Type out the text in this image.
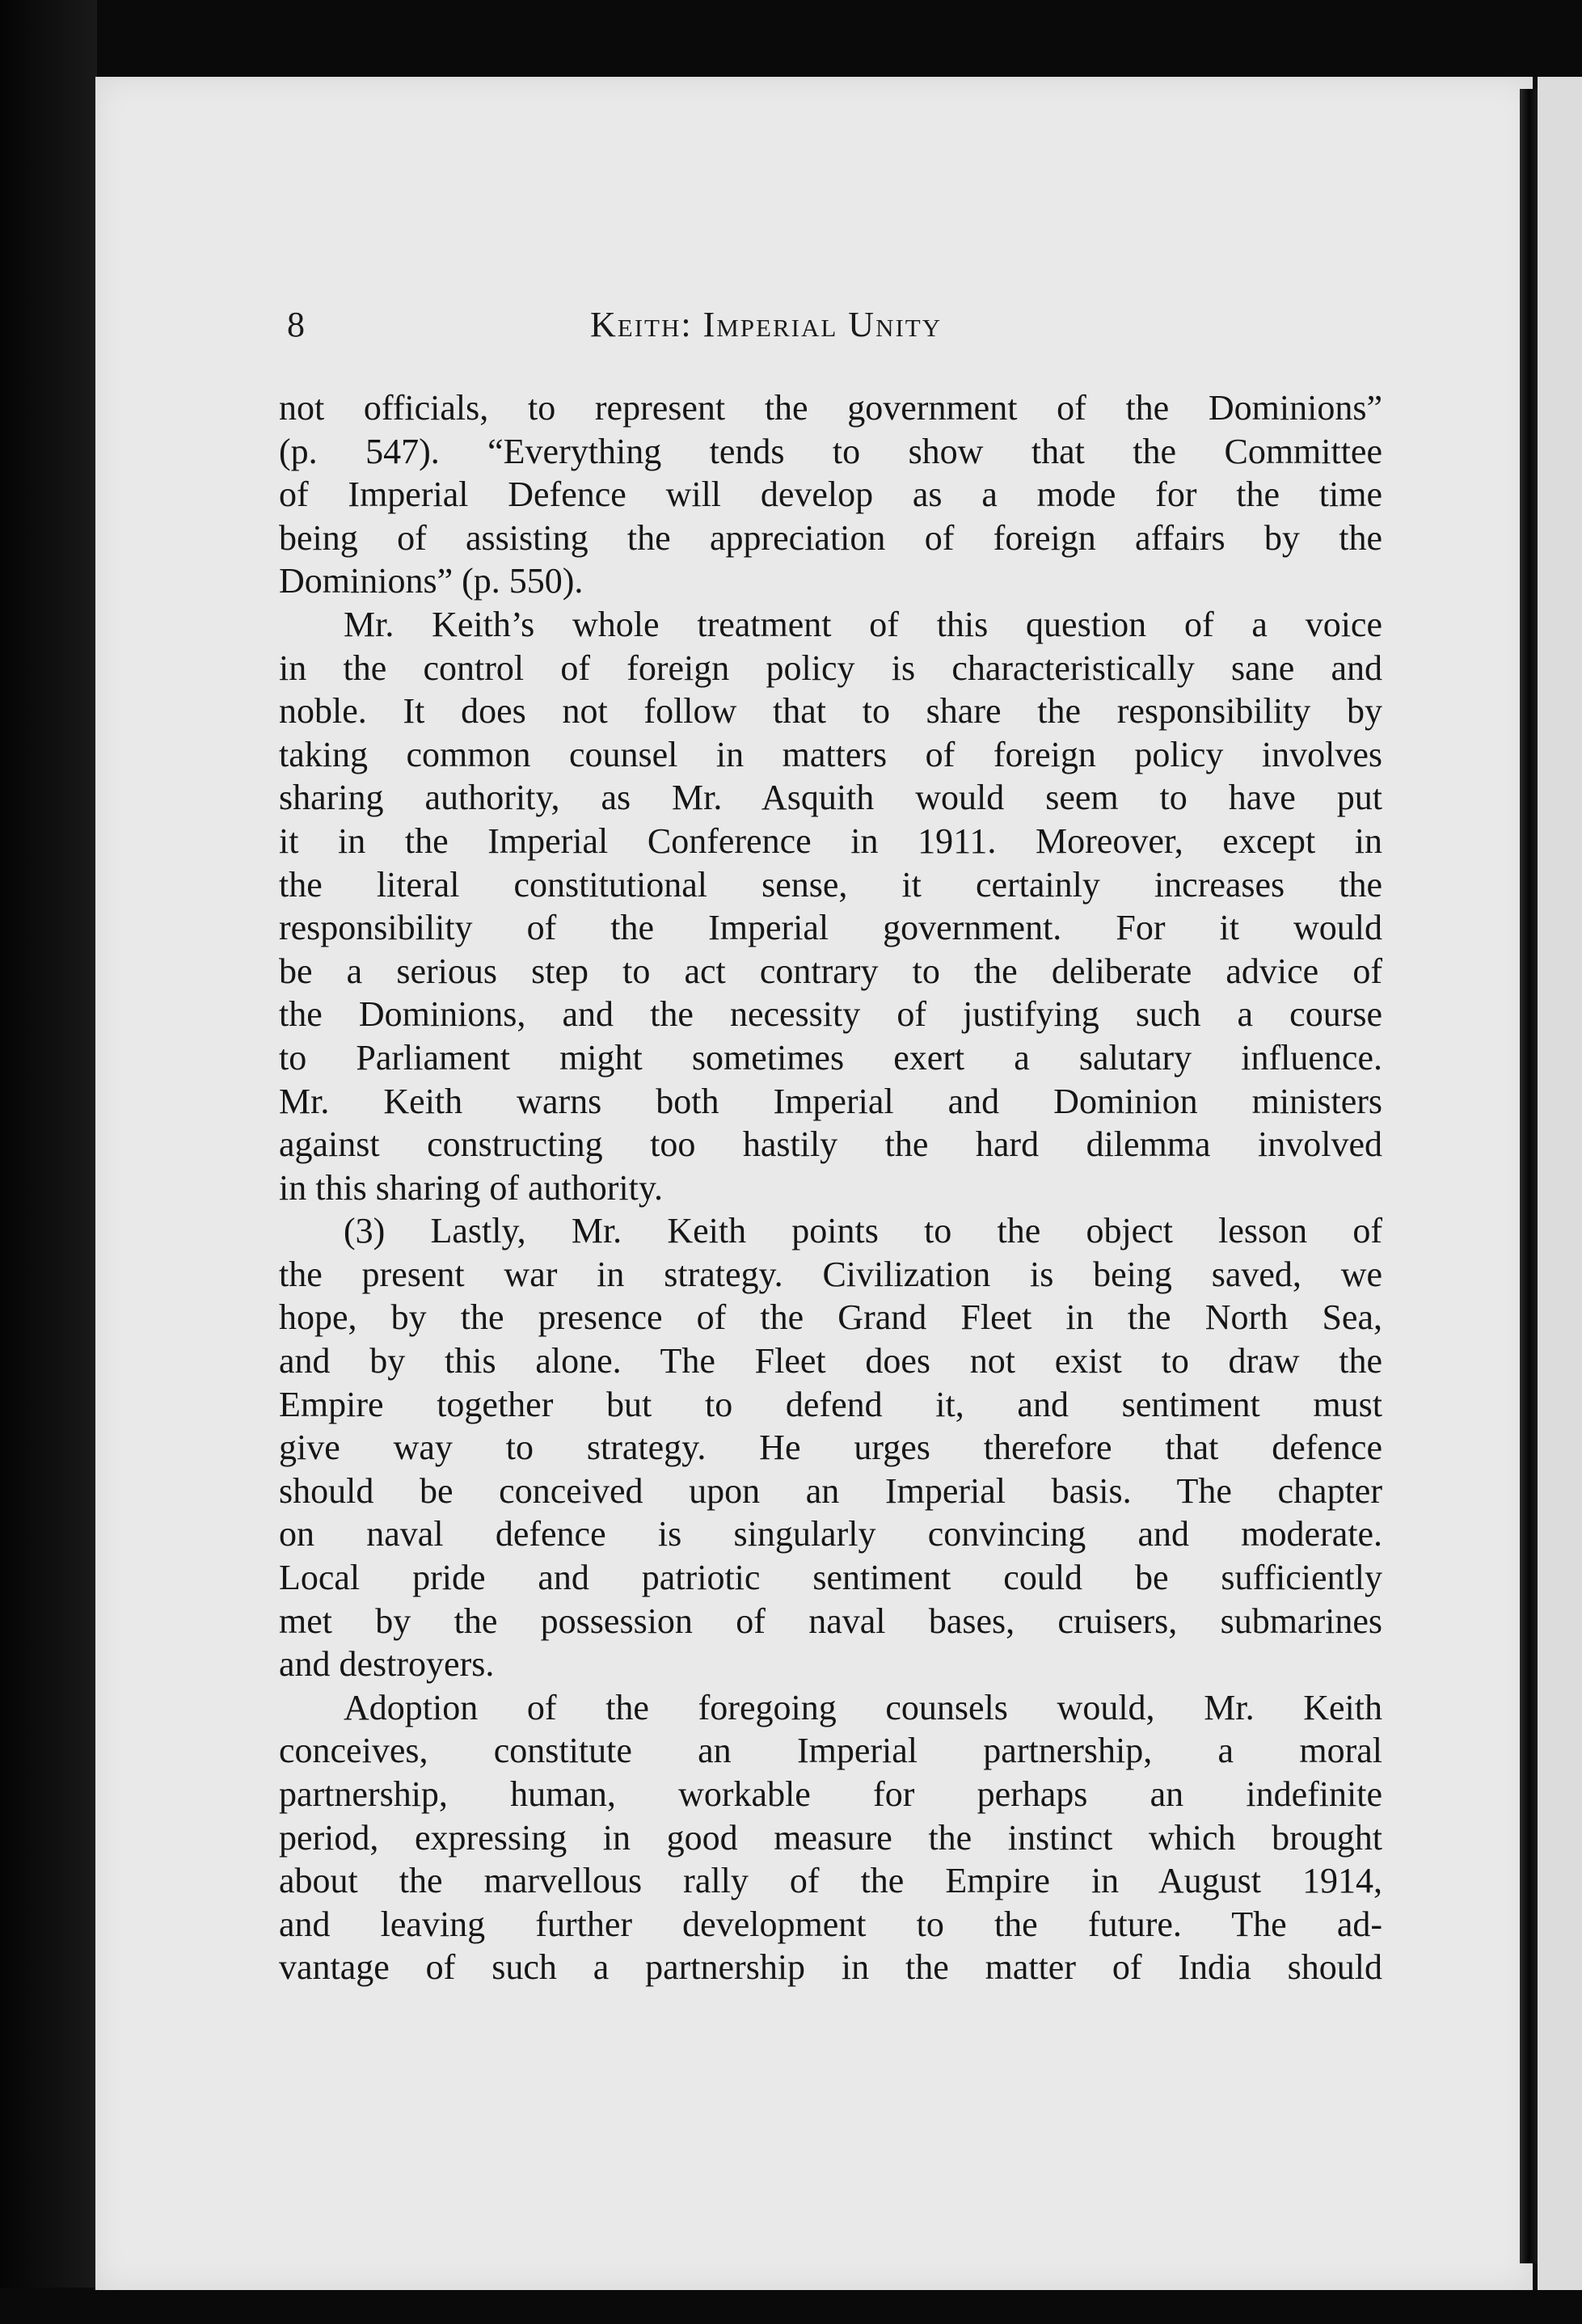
8	Keith: Imperial Unity
not officials, to represent the government of the Dominions”
(p. 547). “Everything tends to show that the Committee
of Imperial Defence will develop as a mode for the time
being of assisting the appreciation of foreign affairs by the
Dominions” (p. 550).
Mr. Keith’s whole treatment of this question of a voice
in the control of foreign policy is characteristically sane and
noble. It does not follow that to share the responsibility by
taking common counsel in matters of foreign policy involves
sharing authority, as Mr. Asquith would seem to have put
it in the Imperial Conference in 1911. Moreover, except in
the literal constitutional sense, it certainly increases the
responsibility of the Imperial government. For it would
be a serious step to act contrary to the deliberate advice of
the Dominions, and the necessity of justifying such a course
to Parliament might sometimes exert a salutary influence.
Mr. Keith warns both Imperial and Dominion ministers
against constructing too hastily the hard dilemma involved
in this sharing of authority.
(3) Lastly, Mr. Keith points to the object lesson of
the present war in strategy. Civilization is being saved, we
hope, by the presence of the Grand Fleet in the North Sea,
and by this alone. The Fleet does not exist to draw the
Empire together but to defend it, and sentiment must
give way to strategy. He urges therefore that defence
should be conceived upon an Imperial basis. The chapter
on naval defence is singularly convincing and moderate.
Local pride and patriotic sentiment could be sufficiently
met by the possession of naval bases, cruisers, submarines
and destroyers.
Adoption of the foregoing counsels would, Mr. Keith
conceives, constitute an Imperial partnership, a moral
partnership, human, workable for perhaps an indefinite
period, expressing in good measure the instinct which brought
about the marvellous rally of the Empire in August 1914,
and leaving further development to the future. The ad-
vantage of such a partnership in the matter of India should
